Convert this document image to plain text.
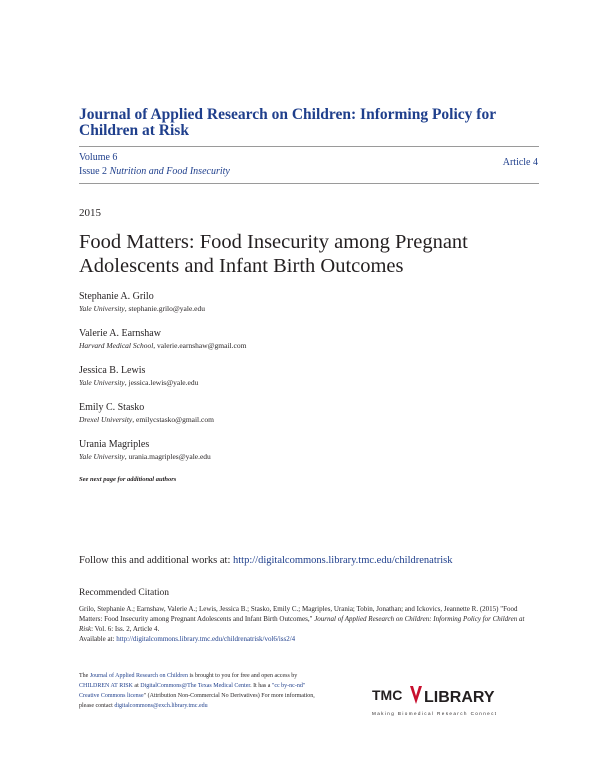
Journal of Applied Research on Children: Informing Policy for Children at Risk
Volume 6
Issue 2 Nutrition and Food Insecurity
Article 4
2015
Food Matters: Food Insecurity among Pregnant Adolescents and Infant Birth Outcomes
Stephanie A. Grilo
Yale University, stephanie.grilo@yale.edu
Valerie A. Earnshaw
Harvard Medical School, valerie.earnshaw@gmail.com
Jessica B. Lewis
Yale University, jessica.lewis@yale.edu
Emily C. Stasko
Drexel University, emilycstasko@gmail.com
Urania Magriples
Yale University, urania.magriples@yale.edu
See next page for additional authors
Follow this and additional works at: http://digitalcommons.library.tmc.edu/childrenatrisk
Recommended Citation
Grilo, Stephanie A.; Earnshaw, Valerie A.; Lewis, Jessica B.; Stasko, Emily C.; Magriples, Urania; Tobin, Jonathan; and Ickovics, Jeannette R. (2015) "Food Matters: Food Insecurity among Pregnant Adolescents and Infant Birth Outcomes," Journal of Applied Research on Children: Informing Policy for Children at Risk: Vol. 6: Iss. 2, Article 4.
Available at: http://digitalcommons.library.tmc.edu/childrenatrisk/vol6/iss2/4
The Journal of Applied Research on Children is brought to you for free and open access by CHILDREN AT RISK at DigitalCommons@The Texas Medical Center. It has a "cc by-nc-nd" Creative Commons license" (Attribution Non-Commercial No Derivatives) For more information, please contact digitalcommons@exch.library.tmc.edu
TMC LIBRARY
Making Biomedical Research Connect
